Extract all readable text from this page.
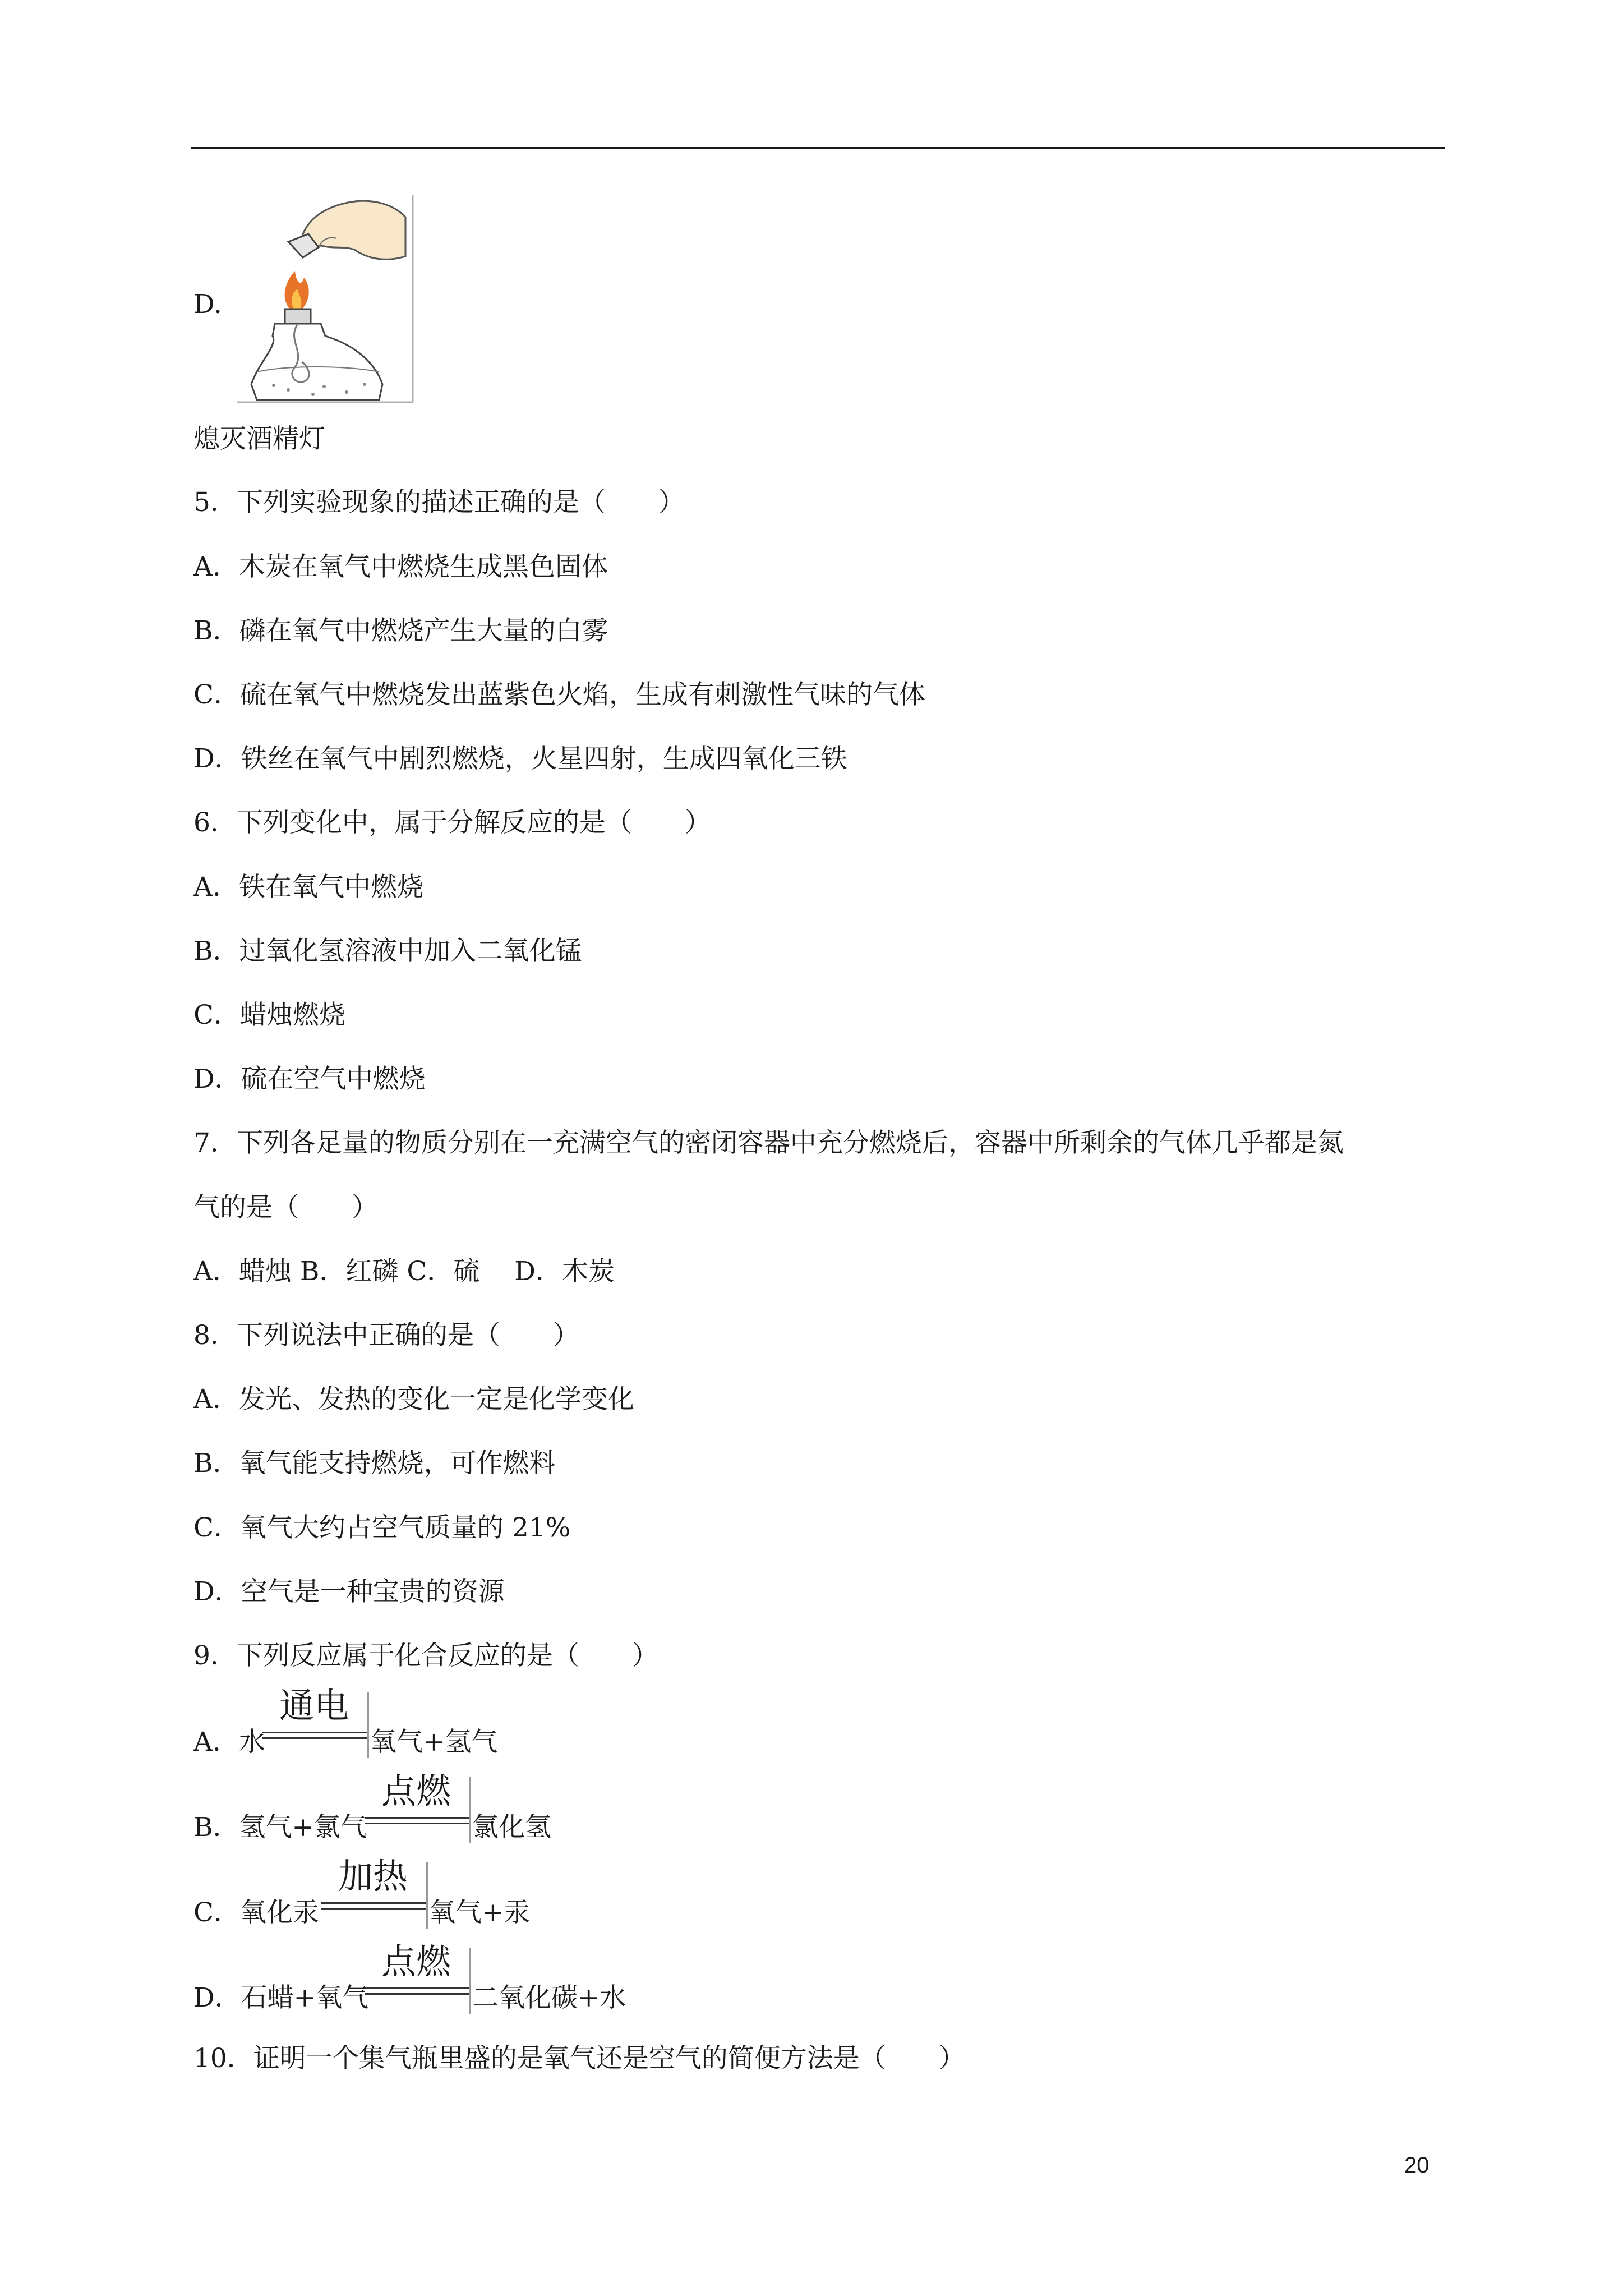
D.
熄灭酒精灯
5．下列实验现象的描述正确的是（　　）
A．木炭在氧气中燃烧生成黑色固体
B．磷在氧气中燃烧产生大量的白雾
C．硫在氧气中燃烧发出蓝紫色火焰，生成有刺激性气味的气体
D．铁丝在氧气中剧烈燃烧，火星四射，生成四氧化三铁
6．下列变化中，属于分解反应的是（　　）
A．铁在氧气中燃烧
B．过氧化氢溶液中加入二氧化锰
C．蜡烛燃烧
D．硫在空气中燃烧
7．下列各足量的物质分别在一充满空气的密闭容器中充分燃烧后，容器中所剩余的气体几乎都是氮
气的是（　　）
A．蜡烛 B．红磷 C．硫　 D．木炭
8．下列说法中正确的是（　　）
A．发光、发热的变化一定是化学变化
B．氧气能支持燃烧，可作燃料
C．氧气大约占空气质量的 21%
D．空气是一种宝贵的资源
9．下列反应属于化合反应的是（　　）
A．水
通电
氧气+氢气
B．氢气+氯气
点燃
氯化氢
C．氧化汞
加热
氧气+汞
D．石蜡+氧气
点燃
二氧化碳+水
10．证明一个集气瓶里盛的是氧气还是空气的简便方法是（　　）
20
